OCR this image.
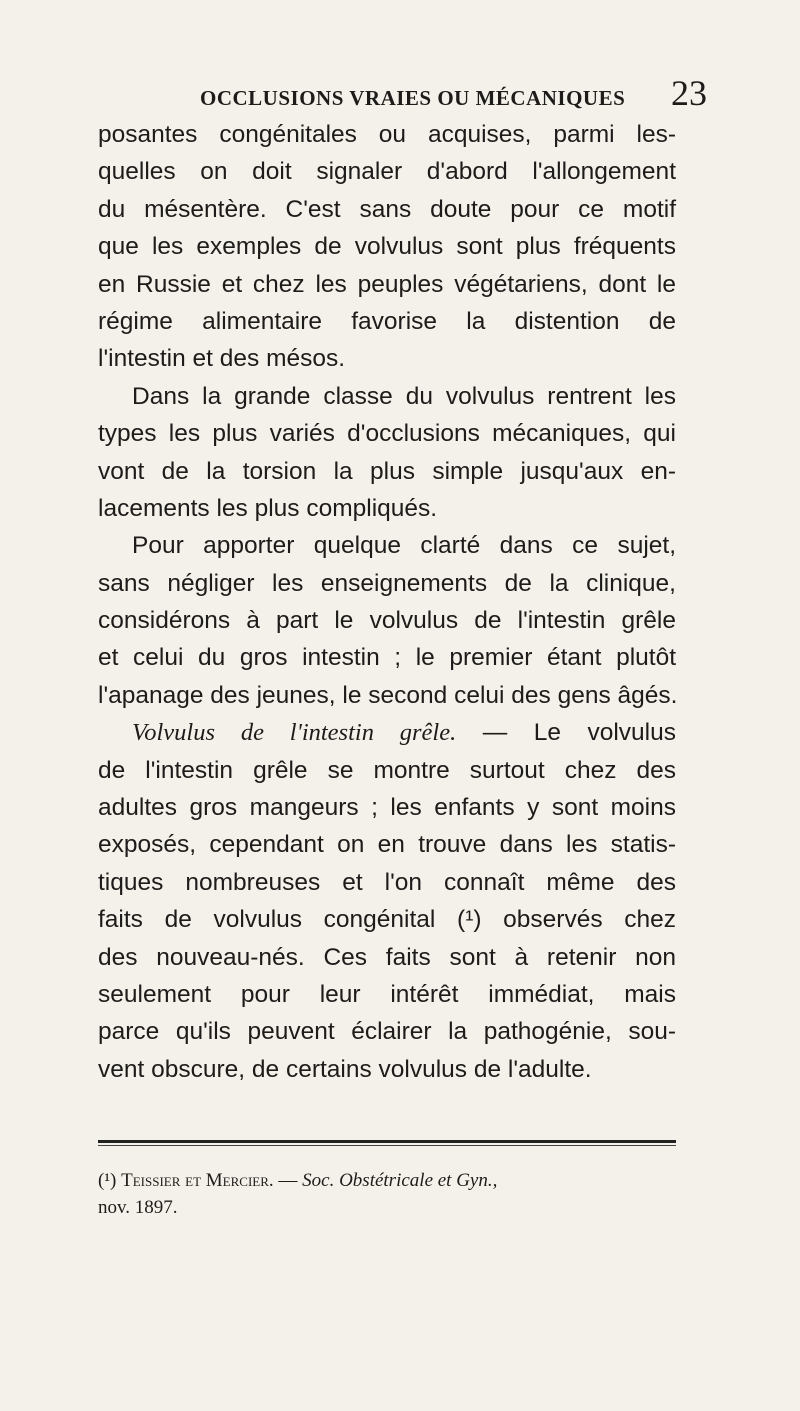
OCCLUSIONS VRAIES OU MÉCANIQUES 23
posantes congénitales ou acquises, parmi les-
quelles on doit signaler d'abord l'allongement
du mésentère. C'est sans doute pour ce motif
que les exemples de volvulus sont plus fréquents
en Russie et chez les peuples végétariens, dont le
régime alimentaire favorise la distention de
l'intestin et des mésos.
Dans la grande classe du volvulus rentrent les
types les plus variés d'occlusions mécaniques, qui
vont de la torsion la plus simple jusqu'aux en-
lacements les plus compliqués.
Pour apporter quelque clarté dans ce sujet,
sans négliger les enseignements de la clinique,
considérons à part le volvulus de l'intestin grêle
et celui du gros intestin ; le premier étant plutôt
l'apanage des jeunes, le second celui des gens âgés.
Volvulus de l'intestin grêle. — Le volvulus
de l'intestin grêle se montre surtout chez des
adultes gros mangeurs ; les enfants y sont moins
exposés, cependant on en trouve dans les statis-
tiques nombreuses et l'on connaît même des
faits de volvulus congénital (¹) observés chez
des nouveau-nés. Ces faits sont à retenir non
seulement pour leur intérêt immédiat, mais
parce qu'ils peuvent éclairer la pathogénie, sou-
vent obscure, de certains volvulus de l'adulte.
(¹) Teissier et Mercier. — Soc. Obstétricale et Gyn.,
nov. 1897.
